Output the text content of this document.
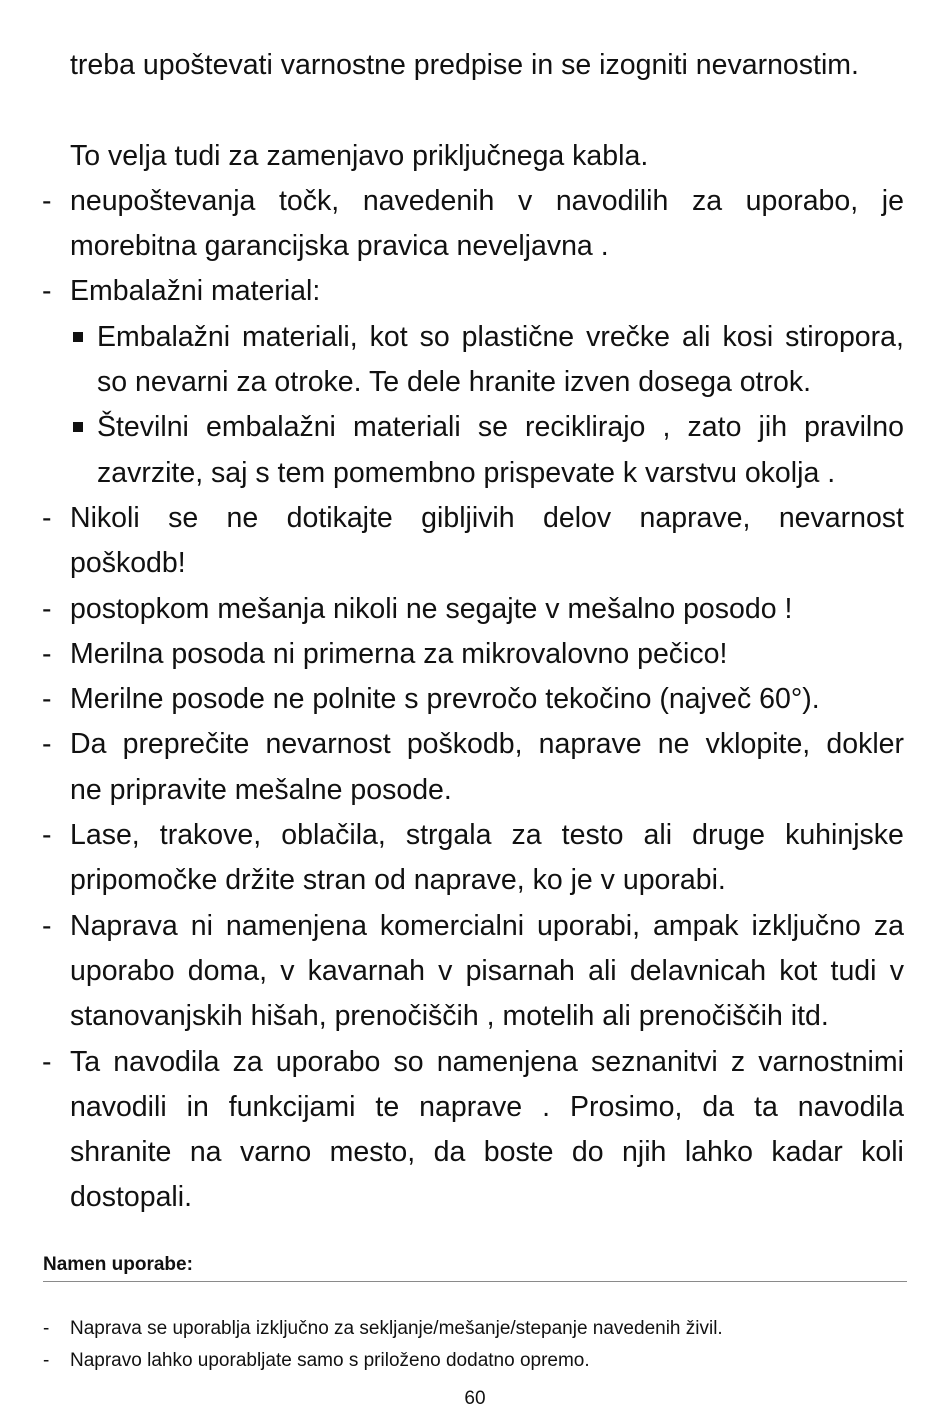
treba upoštevati varnostne predpise in se izogniti nevarnostim.
To velja tudi za zamenjavo priključnega kabla.
- neupoštevanja točk, navedenih v navodilih za uporabo, je
morebitna garancijska pravica neveljavna .
- Embalažni material:
Embalažni materiali, kot so plastične vrečke ali kosi stiropora,
so nevarni za otroke. Te dele hranite izven dosega otrok.
Številni embalažni materiali se reciklirajo , zato jih pravilno
zavrzite, saj s tem pomembno prispevate k varstvu okolja .
- Nikoli se ne dotikajte gibljivih delov naprave, nevarnost
poškodb!
- postopkom mešanja nikoli ne segajte v mešalno posodo !
- Merilna posoda ni primerna za mikrovalovno pečico!
- Merilne posode ne polnite s prevročo tekočino (največ 60°).
- Da preprečite nevarnost poškodb, naprave ne vklopite, dokler
ne pripravite mešalne posode.
- Lase, trakove, oblačila, strgala za testo ali druge kuhinjske
pripomočke držite stran od naprave, ko je v uporabi.
- Naprava ni namenjena komercialni uporabi, ampak izključno za
uporabo doma, v kavarnah v pisarnah ali delavnicah kot tudi v
stanovanjskih hišah, prenočiščih , motelih ali prenočiščih itd.
- Ta navodila za uporabo so namenjena seznanitvi z varnostnimi
navodili in funkcijami te naprave . Prosimo, da ta navodila
shranite na varno mesto, da boste do njih lahko kadar koli
dostopali.
Namen uporabe:
- Naprava se uporablja izključno za sekljanje/mešanje/stepanje navedenih živil.
- Napravo lahko uporabljate samo s priloženo dodatno opremo.
60
